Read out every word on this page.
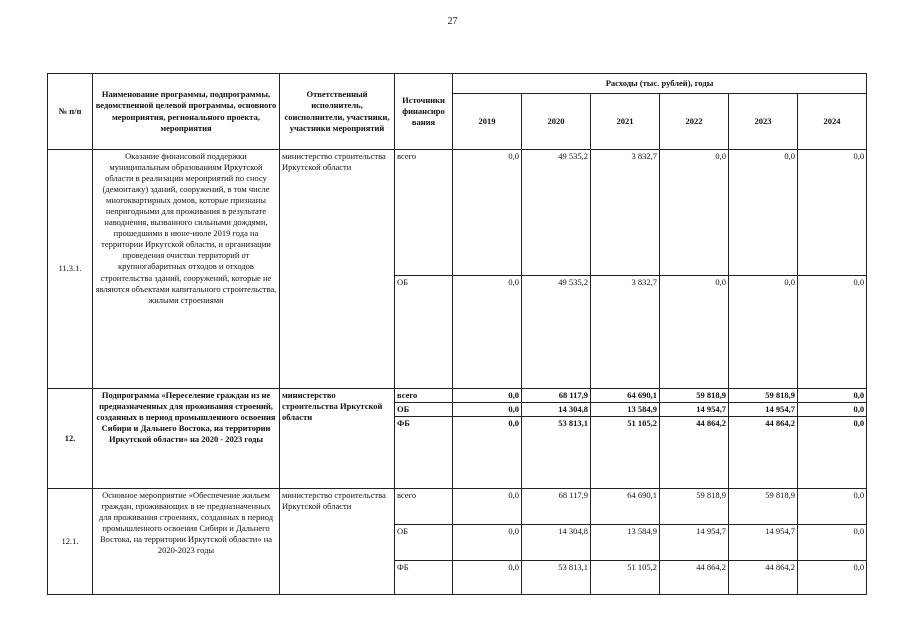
27
№ п/п	Наименование программы, подпрограммы, ведомственной целевой программы, основного мероприятия, регионального проекта, мероприятия	Ответственный исполнитель, соисполнители, участники, участники мероприятий	Источники финансиро вания	Расходы (тыс. рублей), годы					
				2019	2020	2021	2022	2023	2024
11.3.1.	Оказание финансовой поддержки муниципальным образованиям Иркутской области в реализации мероприятий по сносу (демонтажу) зданий, сооружений, в том числе многоквартирных домов, которые признаны непригодными для проживания в результате наводнения, вызванного сильными дождями, прошедшими в июне-июле 2019 года на территории Иркутской области, и организации проведения очистки территорий от крупногабаритных отходов и отходов строительства зданий, сооружений, которые не являются объектами капитального строительства, жилыми строениями	министерство строительства Иркутской области	всего	0,0	49 535,2	3 832,7	0,0	0,0	0,0
			ОБ	0,0	49 535,2	3 832,7	0,0	0,0	0,0
12.	Подпрограмма «Переселение граждан из не предназначенных для проживания строений, созданных в период промышленного освоения Сибири и Дальнего Востока, на территории Иркутской области» на 2020 - 2023 годы	министерство строительства Иркутской области	всего	0,0	68 117,9	64 690,1	59 818,9	59 818,9	0,0
			ОБ	0,0	14 304,8	13 584,9	14 954,7	14 954,7	0,0
			ФБ	0,0	53 813,1	51 105,2	44 864,2	44 864,2	0,0
12.1.	Основное мероприятие «Обеспечение жильем граждан, проживающих в не предназначенных для проживания строениях, созданных в период промышленного освоения Сибири и Дальнего Востока, на территории Иркутской области» на 2020-2023 годы	министерство строительства Иркутской области	всего	0,0	68 117,9	64 690,1	59 818,9	59 818,9	0,0
			ОБ	0,0	14 304,8	13 584,9	14 954,7	14 954,7	0,0
			ФБ	0,0	53 813,1	51 105,2	44 864,2	44 864,2	0,0
